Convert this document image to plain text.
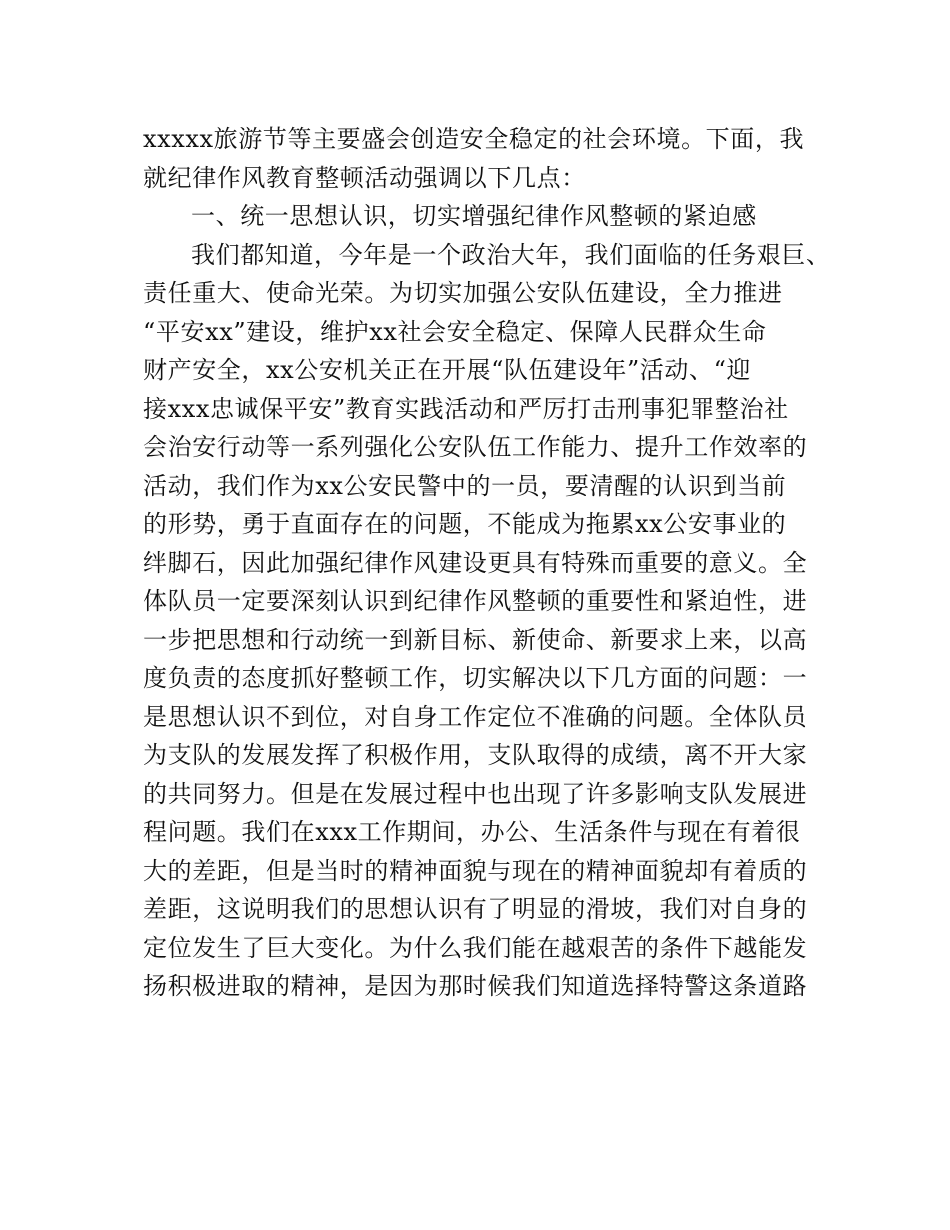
xxxxx旅游节等主要盛会创造安全稳定的社会环境。下面，我
就纪律作风教育整顿活动强调以下几点：
一、统一思想认识，切实增强纪律作风整顿的紧迫感
我们都知道，今年是一个政治大年，我们面临的任务艰巨、
责任重大、使命光荣。为切实加强公安队伍建设，全力推进
“平安xx”建设，维护xx社会安全稳定、保障人民群众生命
财产安全，xx公安机关正在开展“队伍建设年”活动、“迎
接xxx忠诚保平安”教育实践活动和严厉打击刑事犯罪整治社
会治安行动等一系列强化公安队伍工作能力、提升工作效率的
活动，我们作为xx公安民警中的一员，要清醒的认识到当前
的形势，勇于直面存在的问题，不能成为拖累xx公安事业的
绊脚石，因此加强纪律作风建设更具有特殊而重要的意义。全
体队员一定要深刻认识到纪律作风整顿的重要性和紧迫性，进
一步把思想和行动统一到新目标、新使命、新要求上来，以高
度负责的态度抓好整顿工作，切实解决以下几方面的问题：一
是思想认识不到位，对自身工作定位不准确的问题。全体队员
为支队的发展发挥了积极作用，支队取得的成绩，离不开大家
的共同努力。但是在发展过程中也出现了许多影响支队发展进
程问题。我们在xxx工作期间，办公、生活条件与现在有着很
大的差距，但是当时的精神面貌与现在的精神面貌却有着质的
差距，这说明我们的思想认识有了明显的滑坡，我们对自身的
定位发生了巨大变化。为什么我们能在越艰苦的条件下越能发
扬积极进取的精神，是因为那时候我们知道选择特警这条道路
